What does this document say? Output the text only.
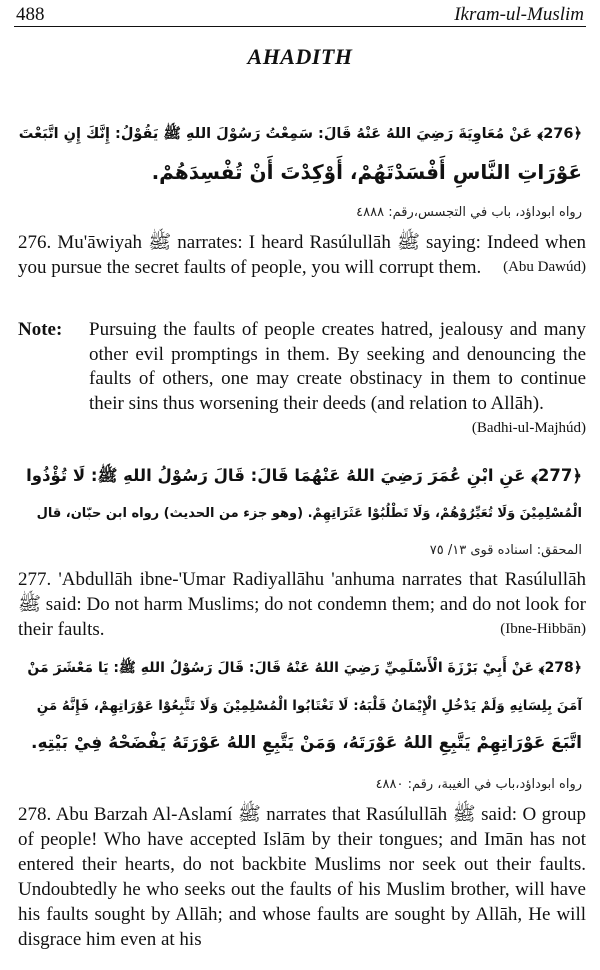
488	Ikram-ul-Muslim
AHADITH
﴿276﴾ عَنْ مُعَاوِيَةَ رَضِيَ اللهُ عَنْهُ قَالَ: سَمِعْتُ رَسُوْلَ اللهِ ﷺ يَقُوْلُ: إِنَّكَ إِنِ اتَّبَعْتَ
عَوْرَاتِ النَّاسِ أَفْسَدْتَهُمْ، أَوْكِدْتَ أَنْ تُفْسِدَهُمْ.
رواه ابوداؤد، باب في التجسس،رقم: ٤٨٨٨
276. Mu'āwiyah ﷺ narrates: I heard Rasúlullāh ﷺ saying: Indeed when you pursue the secret faults of people, you will corrupt them. (Abu Dawúd)
Note: Pursuing the faults of people creates hatred, jealousy and many other evil promptings in them. By seeking and denouncing the faults of others, one may create obstinacy in them to continue their sins thus worsening their deeds (and relation to Allāh).
(Badhi-ul-Majhúd)
﴿277﴾ عَنِ ابْنِ عُمَرَ رَضِيَ اللهُ عَنْهُمَا قَالَ: قَالَ رَسُوْلُ اللهِ ﷺ: لَا تُؤْذُوا
الْمُسْلِمِيْنَ وَلَا تُعَيِّرُوْهُمْ، وَلَا تَطْلُبُوْا عَثَرَاتِهِمْ. (وهو جزء من الحديث) رواه ابن حبّان، قال
المحقق: اسناده قوى ١٣/ ٧٥
277. 'Abdullāh ibne-'Umar Radiyallāhu 'anhuma narrates that Rasúlullāh ﷺ said: Do not harm Muslims; do not condemn them; and do not look for their faults.	(Ibne-Hibbān)
﴿278﴾ عَنْ أَبِيْ بَرْزَةَ الْأَسْلَمِيِّ رَضِيَ اللهُ عَنْهُ قَالَ: قَالَ رَسُوْلُ اللهِ ﷺ: يَا مَعْشَرَ مَنْ
آمَنَ بِلِسَانِهِ وَلَمْ يَدْخُلِ الْإِيْمَانُ قَلْبَهُ: لَا تَغْتَابُوا الْمُسْلِمِيْنَ وَلَا تَتَّبِعُوْا عَوْرَاتِهِمْ، فَإِنَّهُ مَنِ
اتَّبَعَ عَوْرَاتِهِمْ يَتَّبِعِ اللهُ عَوْرَتَهُ، وَمَنْ يَتَّبِعِ اللهُ عَوْرَتَهُ يَفْضَحْهُ فِيْ بَيْتِهِ.
رواه ابوداؤد،باب في الغيبة، رقم: ٤٨٨٠
278. Abu Barzah Al-Aslamí ﷺ narrates that Rasúlullāh ﷺ said: O group of people! Who have accepted Islām by their tongues; and Imān has not entered their hearts, do not backbite Muslims nor seek out their faults. Undoubtedly he who seeks out the faults of his Muslim brother, will have his faults sought by Allāh; and whose faults are sought by Allāh, He will disgrace him even at his
